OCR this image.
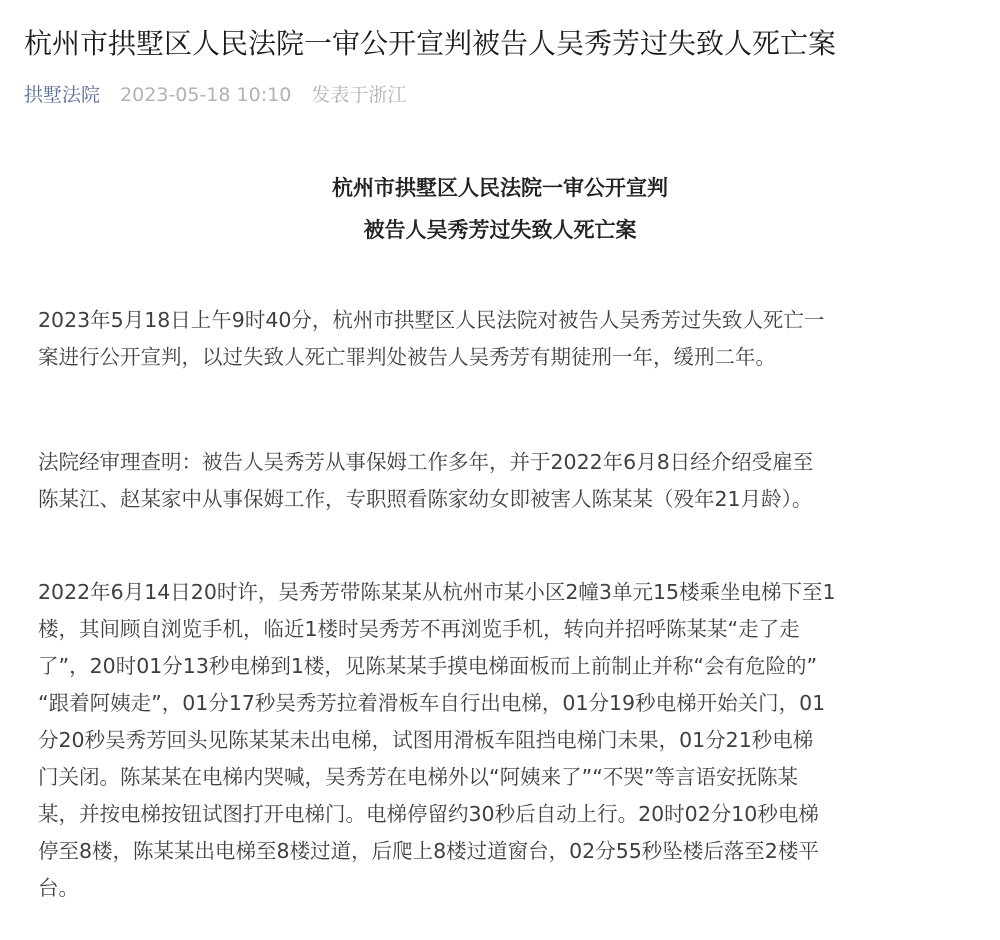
杭州市拱墅区人民法院一审公开宣判被告人吴秀芳过失致人死亡案
拱墅法院 2023-05-18 10:10 发表于浙江
杭州市拱墅区人民法院一审公开宣判
被告人吴秀芳过失致人死亡案
2023年5月18日上午9时40分，杭州市拱墅区人民法院对被告人吴秀芳过失致人死亡一
案进行公开宣判，以过失致人死亡罪判处被告人吴秀芳有期徒刑一年，缓刑二年。
法院经审理查明：被告人吴秀芳从事保姆工作多年，并于2022年6月8日经介绍受雇至
陈某江、赵某家中从事保姆工作，专职照看陈家幼女即被害人陈某某（殁年21月龄）。
2022年6月14日20时许，吴秀芳带陈某某从杭州市某小区2幢3单元15楼乘坐电梯下至1
楼，其间顾自浏览手机，临近1楼时吴秀芳不再浏览手机，转向并招呼陈某某“走了走
了”，20时01分13秒电梯到1楼，见陈某某手摸电梯面板而上前制止并称“会有危险的”
“跟着阿姨走”，01分17秒吴秀芳拉着滑板车自行出电梯，01分19秒电梯开始关门，01
分20秒吴秀芳回头见陈某某未出电梯，试图用滑板车阻挡电梯门未果，01分21秒电梯
门关闭。陈某某在电梯内哭喊，吴秀芳在电梯外以“阿姨来了”“不哭”等言语安抚陈某
某，并按电梯按钮试图打开电梯门。电梯停留约30秒后自动上行。20时02分10秒电梯
停至8楼，陈某某出电梯至8楼过道，后爬上8楼过道窗台，02分55秒坠楼后落至2楼平
台。
